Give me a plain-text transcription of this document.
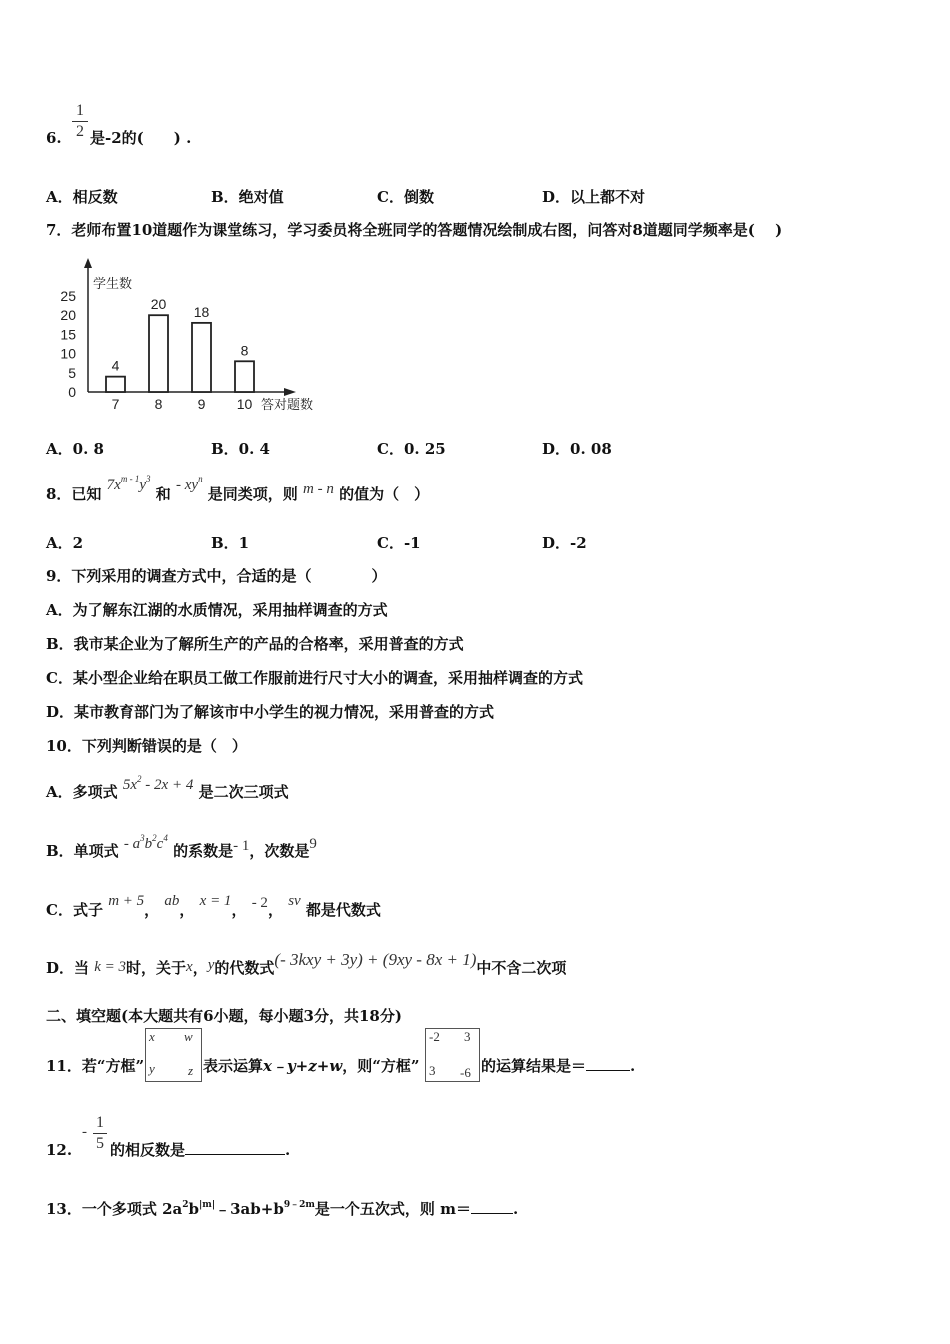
6.
1
2 是-2的(　　) .
A．相反数	B．绝对值	C．倒数	D．以上都不对
7．老师布置10道题作为课堂练习，学习委员将全班同学的答题情况绘制成右图，问答对8道题同学频率是(　 )
学生数
答对题数
0
5
10
15
20
25
4
7
20
8
18
9
8
10
A．0. 8	B．0. 4	C．0. 25	D．0. 08
8．已知 $7x^{m - 1}y^3$ 和 - $xy^n$ 是同类项，则 m - n 的值为（　）
A．2	B．1	C．-1	D．-2
9．下列采用的调查方式中，合适的是（　　　　）
A．为了解东江湖的水质情况，采用抽样调查的方式
B．我市某企业为了解所生产的产品的合格率，采用普查的方式
C．某小型企业给在职员工做工作服前进行尺寸大小的调查，采用抽样调查的方式
D．某市教育部门为了解该市中小学生的视力情况，采用普查的方式
10．下列判断错误的是（　）
A．多项式 $5x^2 - 2x + 4$ 是二次三项式
B．单项式 - $a^3b^2c^4$ 的系数是- 1，次数是9
C．式子 m + 5， ab， x = 1， - 2， sv 都是代数式
D．当 k = 3时，关于x，y的代数式(- 3kxy + 3y) + (9xy - 8x + 1)中不含二次项
二、填空题(本大题共有6小题，每小题3分，共18分)
11．若“方框”
x w
y	z 表示运算x﹣y+z+w，则“方框”
-2 3
3 -6 的运算结果是＝	.
12.
-
1
5 的相反数是	.
13．一个多项式 $2a^2b^{|m|}﹣3ab+b^{9﹣2m}$是一个五次式，则 m＝	.
